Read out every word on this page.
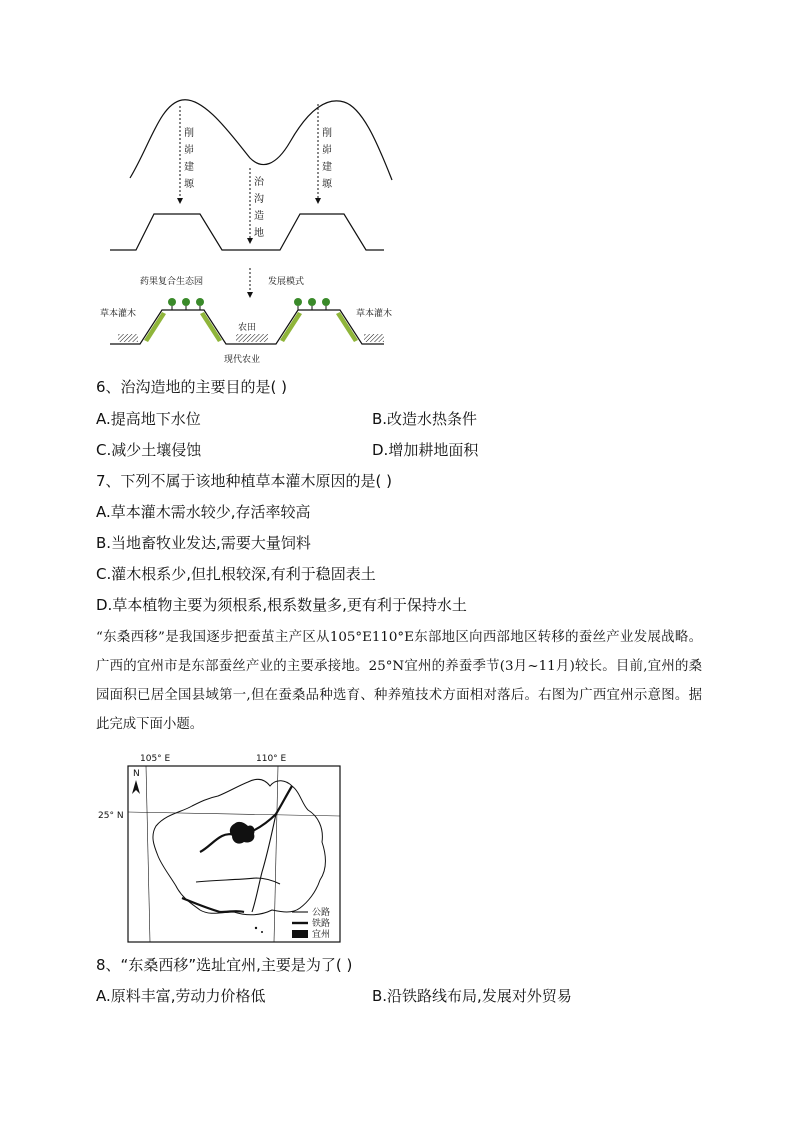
削
峁
建
塬	治
沟
造
地
削
峁
建
塬
药果复合生态园	发展模式
草本灌木	草本灌木
农田
现代农业
6、治沟造地的主要目的是( )
A.提高地下水位	B.改造水热条件
C.减少土壤侵蚀	D.增加耕地面积
7、下列不属于该地种植草本灌木原因的是( )
A.草本灌木需水较少,存活率较高
B.当地畜牧业发达,需要大量饲料
C.灌木根系少,但扎根较深,有利于稳固表土
D.草本植物主要为须根系,根系数量多,更有利于保持水土
“东桑西移”是我国逐步把蚕茧主产区从105°E110°E东部地区向西部地区转移的蚕丝产业发展战略。广西的宜州市是东部蚕丝产业的主要承接地。25°N宜州的养蚕季节(3月~11月)较长。目前,宜州的桑园面积已居全国县域第一,但在蚕桑品种选育、种养殖技术方面相对落后。右图为广西宜州示意图。据此完成下面小题。
105° E	110° E
25° N
N
公路
铁路
宜州
8、“东桑西移”选址宜州,主要是为了( )
A.原料丰富,劳动力价格低	B.沿铁路线布局,发展对外贸易
